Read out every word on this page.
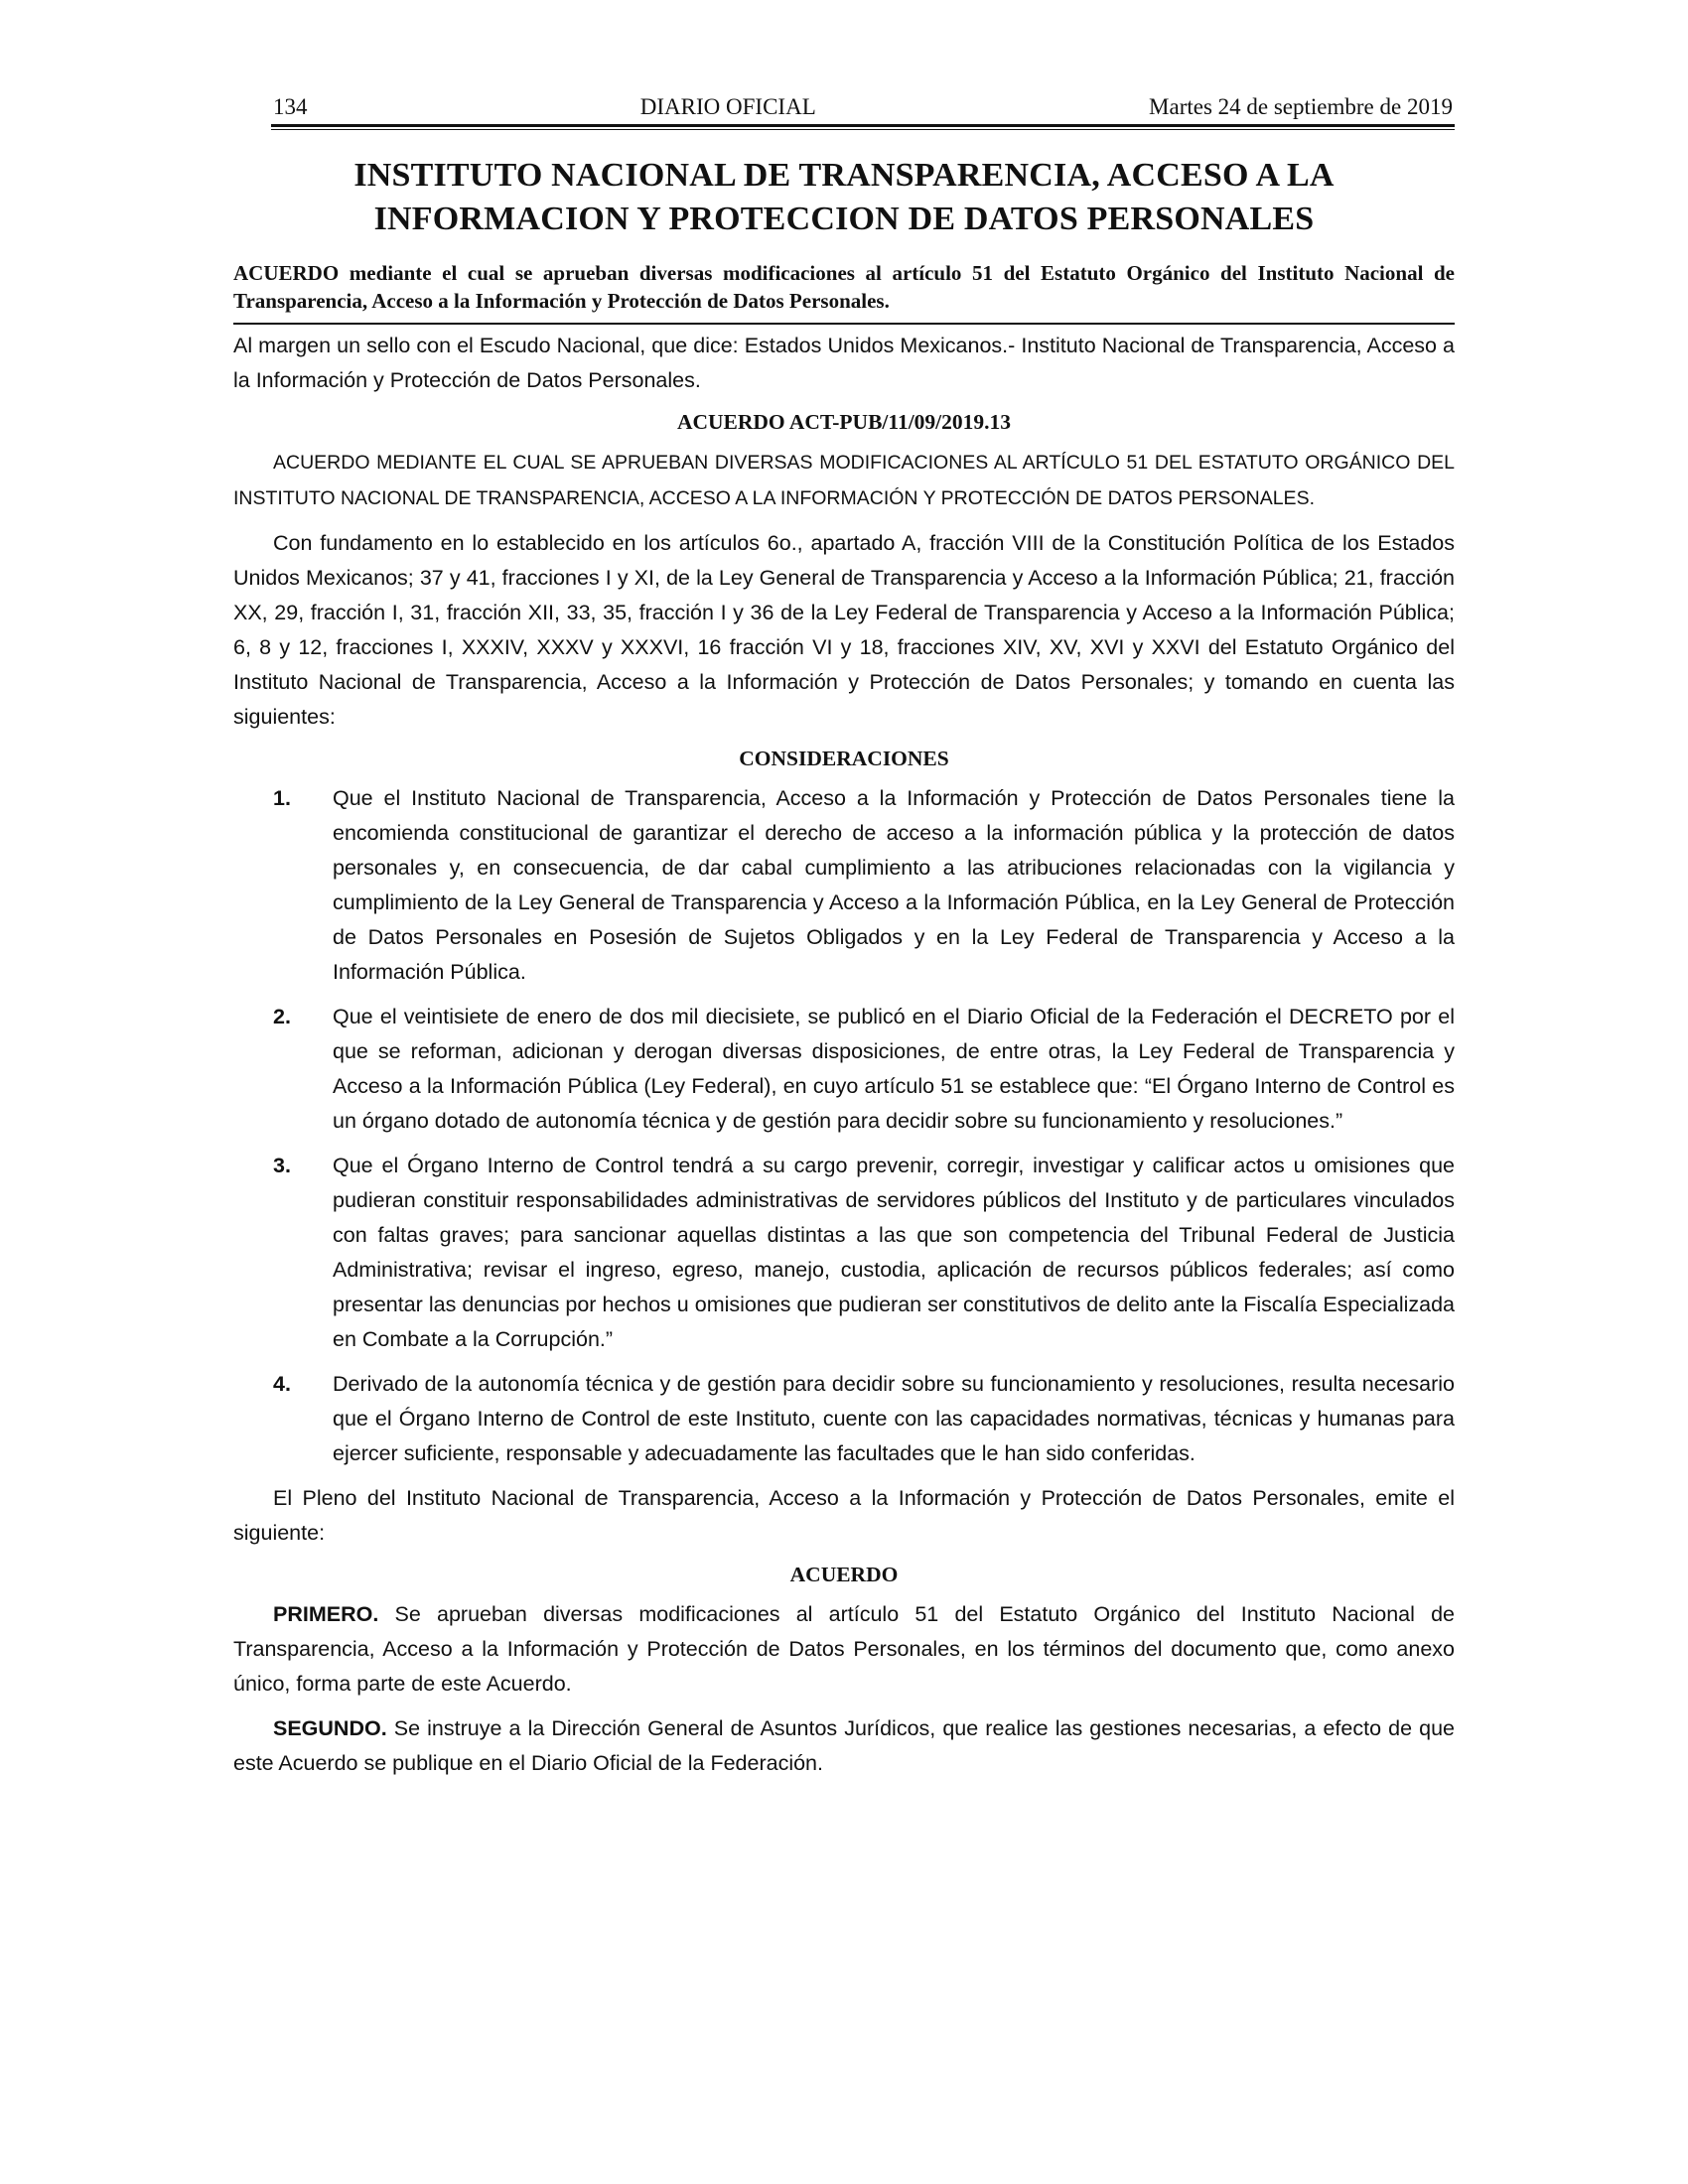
134	DIARIO OFICIAL	Martes 24 de septiembre de 2019
INSTITUTO NACIONAL DE TRANSPARENCIA, ACCESO A LA
INFORMACION Y PROTECCION DE DATOS PERSONALES

ACUERDO mediante el cual se aprueban diversas modificaciones al artículo 51 del Estatuto Orgánico del Instituto Nacional de Transparencia, Acceso a la Información y Protección de Datos Personales.

Al margen un sello con el Escudo Nacional, que dice: Estados Unidos Mexicanos.- Instituto Nacional de Transparencia, Acceso a la Información y Protección de Datos Personales.

ACUERDO ACT-PUB/11/09/2019.13

ACUERDO MEDIANTE EL CUAL SE APRUEBAN DIVERSAS MODIFICACIONES AL ARTÍCULO 51 DEL ESTATUTO ORGÁNICO DEL INSTITUTO NACIONAL DE TRANSPARENCIA, ACCESO A LA INFORMACIÓN Y PROTECCIÓN DE DATOS PERSONALES.

Con fundamento en lo establecido en los artículos 6o., apartado A, fracción VIII de la Constitución Política de los Estados Unidos Mexicanos; 37 y 41, fracciones I y XI, de la Ley General de Transparencia y Acceso a la Información Pública; 21, fracción XX, 29, fracción I, 31, fracción XII, 33, 35, fracción I y 36 de la Ley Federal de Transparencia y Acceso a la Información Pública; 6, 8 y 12, fracciones I, XXXIV, XXXV y XXXVI, 16 fracción VI y 18, fracciones XIV, XV, XVI y XXVI del Estatuto Orgánico del Instituto Nacional de Transparencia, Acceso a la Información y Protección de Datos Personales; y tomando en cuenta las siguientes:

CONSIDERACIONES
1.	Que el Instituto Nacional de Transparencia, Acceso a la Información y Protección de Datos Personales tiene la encomienda constitucional de garantizar el derecho de acceso a la información pública y la protección de datos personales y, en consecuencia, de dar cabal cumplimiento a las atribuciones relacionadas con la vigilancia y cumplimiento de la Ley General de Transparencia y Acceso a la Información Pública, en la Ley General de Protección de Datos Personales en Posesión de Sujetos Obligados y en la Ley Federal de Transparencia y Acceso a la Información Pública.
2.	Que el veintisiete de enero de dos mil diecisiete, se publicó en el Diario Oficial de la Federación el DECRETO por el que se reforman, adicionan y derogan diversas disposiciones, de entre otras, la Ley Federal de Transparencia y Acceso a la Información Pública (Ley Federal), en cuyo artículo 51 se establece que: “El Órgano Interno de Control es un órgano dotado de autonomía técnica y de gestión para decidir sobre su funcionamiento y resoluciones.”
3.	Que el Órgano Interno de Control tendrá a su cargo prevenir, corregir, investigar y calificar actos u omisiones que pudieran constituir responsabilidades administrativas de servidores públicos del Instituto y de particulares vinculados con faltas graves; para sancionar aquellas distintas a las que son competencia del Tribunal Federal de Justicia Administrativa; revisar el ingreso, egreso, manejo, custodia, aplicación de recursos públicos federales; así como presentar las denuncias por hechos u omisiones que pudieran ser constitutivos de delito ante la Fiscalía Especializada en Combate a la Corrupción.”
4.	Derivado de la autonomía técnica y de gestión para decidir sobre su funcionamiento y resoluciones, resulta necesario que el Órgano Interno de Control de este Instituto, cuente con las capacidades normativas, técnicas y humanas para ejercer suficiente, responsable y adecuadamente las facultades que le han sido conferidas.

El Pleno del Instituto Nacional de Transparencia, Acceso a la Información y Protección de Datos Personales, emite el siguiente:

ACUERDO

PRIMERO. Se aprueban diversas modificaciones al artículo 51 del Estatuto Orgánico del Instituto Nacional de Transparencia, Acceso a la Información y Protección de Datos Personales, en los términos del documento que, como anexo único, forma parte de este Acuerdo.

SEGUNDO. Se instruye a la Dirección General de Asuntos Jurídicos, que realice las gestiones necesarias, a efecto de que este Acuerdo se publique en el Diario Oficial de la Federación.
